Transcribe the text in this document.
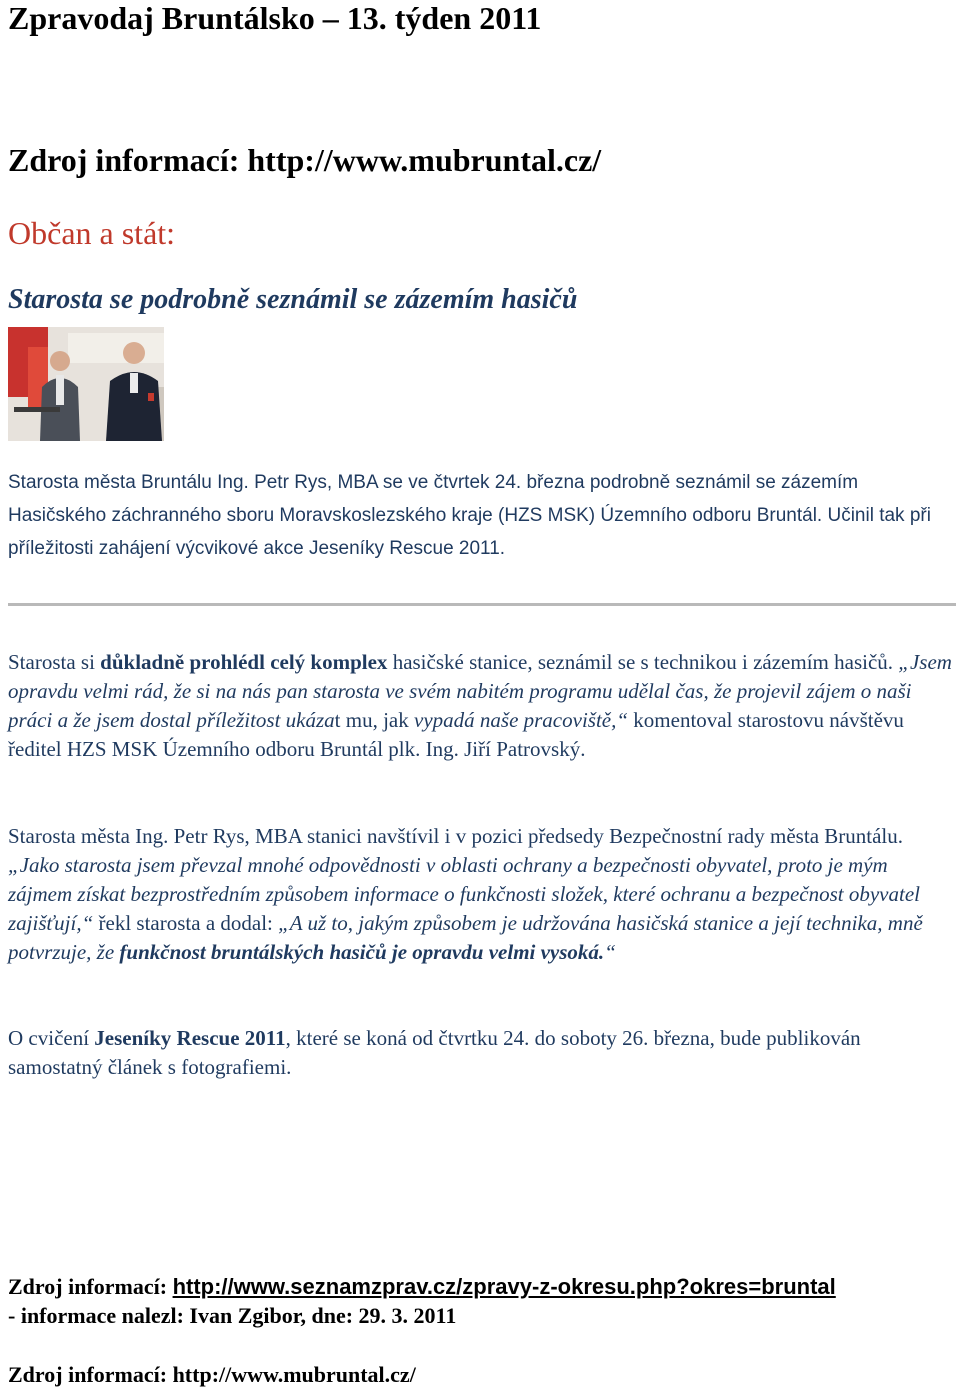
Zpravodaj Bruntálsko – 13. týden 2011

Zdroj informací: http://www.mubruntal.cz/

Občan a stát:

Starosta se podrobně seznámil se zázemím hasičů

Starosta města Bruntálu Ing. Petr Rys, MBA se ve čtvrtek 24. března podrobně seznámil se zázemím Hasičského záchranného sboru Moravskoslezského kraje (HZS MSK) Územního odboru Bruntál. Učinil tak při příležitosti zahájení výcvikové akce Jeseníky Rescue 2011.

Starosta si důkladně prohlédl celý komplex hasičské stanice, seznámil se s technikou i zázemím hasičů. „Jsem opravdu velmi rád, že si na nás pan starosta ve svém nabitém programu udělal čas, že projevil zájem o naši práci a že jsem dostal příležitost ukázat mu, jak vypadá naše pracoviště,“ komentoval starostovu návštěvu ředitel HZS MSK Územního odboru Bruntál plk. Ing. Jiří Patrovský.

Starosta města Ing. Petr Rys, MBA stanici navštívil i v pozici předsedy Bezpečnostní rady města Bruntálu. „Jako starosta jsem převzal mnohé odpovědnosti v oblasti ochrany a bezpečnosti obyvatel, proto je mým zájmem získat bezprostředním způsobem informace o funkčnosti složek, které ochranu a bezpečnost obyvatel zajišťují,“ řekl starosta a dodal: „A už to, jakým způsobem je udržována hasičská stanice a její technika, mně potvrzuje, že funkčnost bruntálských hasičů je opravdu velmi vysoká.“

O cvičení Jeseníky Rescue 2011, které se koná od čtvrtku 24. do soboty 26. března, bude publikován samostatný článek s fotografiemi.

Zdroj informací: http://www.seznamzprav.cz/zpravy-z-okresu.php?okres=bruntal

- informace nalezl: Ivan Zgibor, dne: 29. 3. 2011

Zdroj informací: http://www.mubruntal.cz/
